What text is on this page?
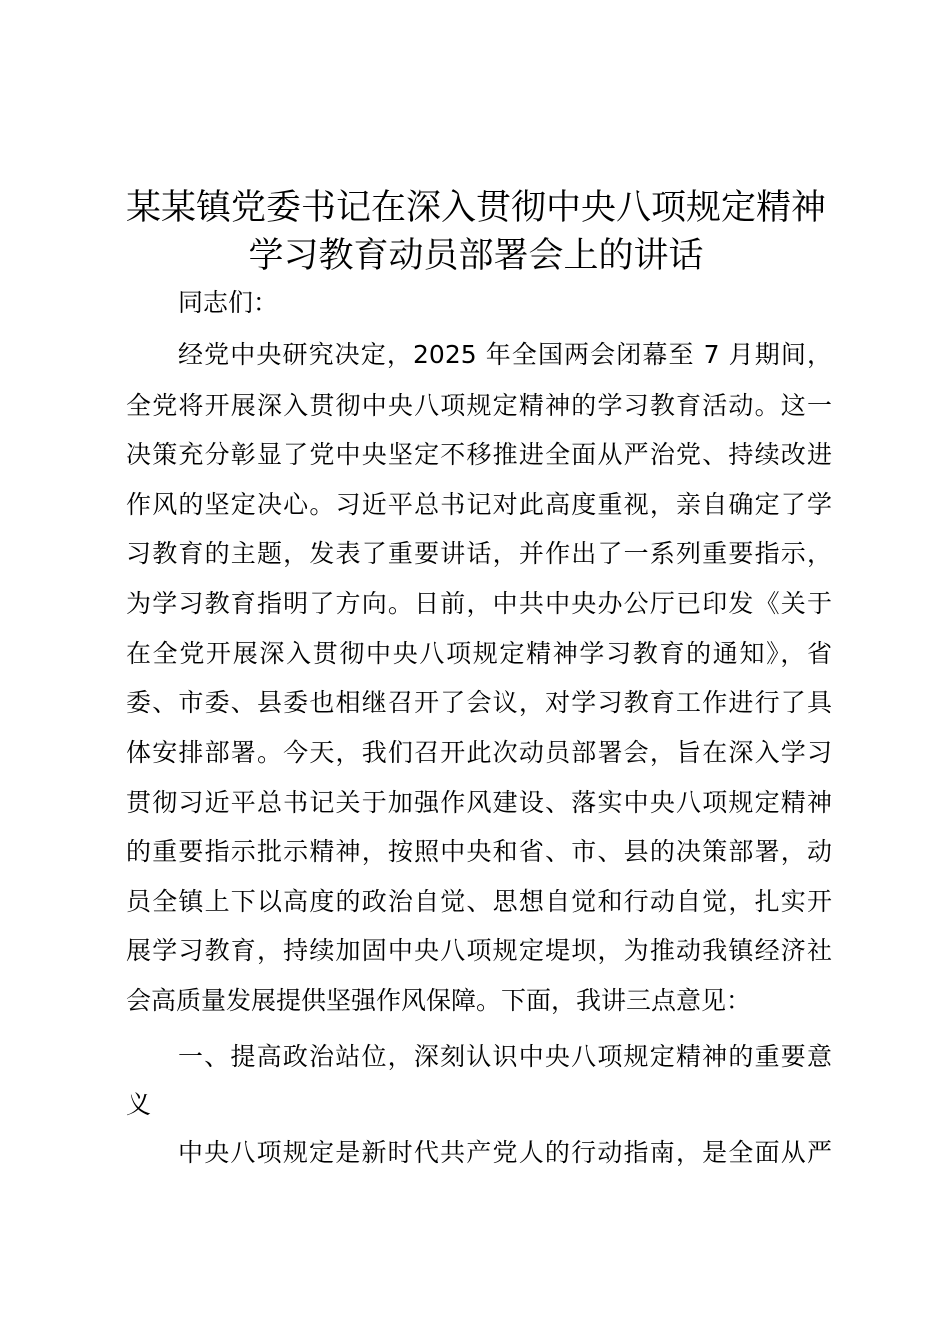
某某镇党委书记在深入贯彻中央八项规定精神
学习教育动员部署会上的讲话
同志们：
经党中央研究决定，2025 年全国两会闭幕至 7 月期间，
全党将开展深入贯彻中央八项规定精神的学习教育活动。这一
决策充分彰显了党中央坚定不移推进全面从严治党、持续改进
作风的坚定决心。习近平总书记对此高度重视，亲自确定了学
习教育的主题，发表了重要讲话，并作出了一系列重要指示，
为学习教育指明了方向。日前，中共中央办公厅已印发《关于
在全党开展深入贯彻中央八项规定精神学习教育的通知》，省
委、市委、县委也相继召开了会议，对学习教育工作进行了具
体安排部署。今天，我们召开此次动员部署会，旨在深入学习
贯彻习近平总书记关于加强作风建设、落实中央八项规定精神
的重要指示批示精神，按照中央和省、市、县的决策部署，动
员全镇上下以高度的政治自觉、思想自觉和行动自觉，扎实开
展学习教育，持续加固中央八项规定堤坝，为推动我镇经济社
会高质量发展提供坚强作风保障。下面，我讲三点意见：
一、提高政治站位，深刻认识中央八项规定精神的重要意
义
中央八项规定是新时代共产党人的行动指南，是全面从严
